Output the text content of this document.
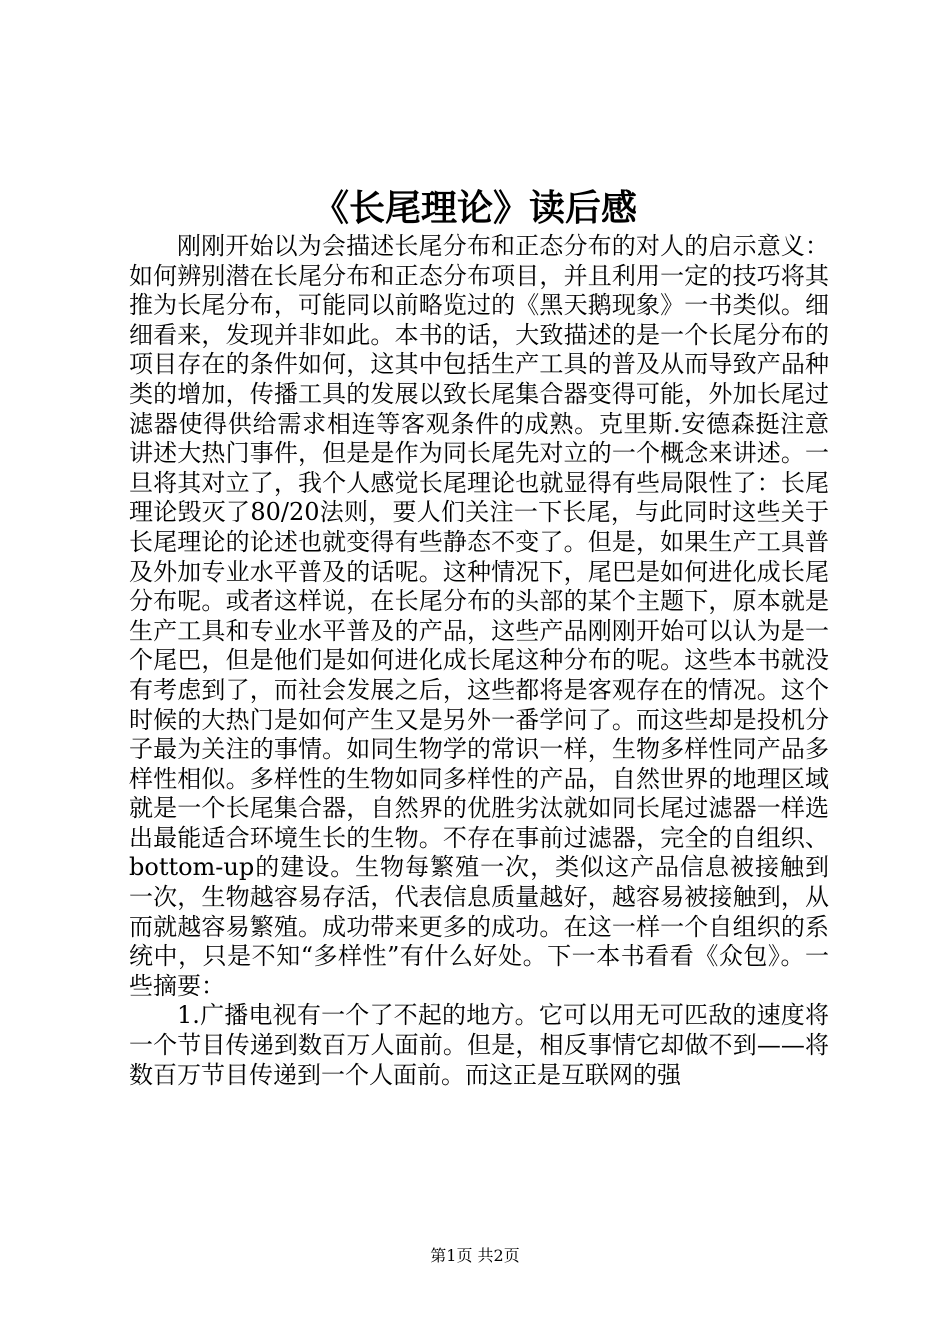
《长尾理论》读后感

刚刚开始以为会描述长尾分布和正态分布的对人的启示意义：如何辨别潜在长尾分布和正态分布项目，并且利用一定的技巧将其推为长尾分布，可能同以前略览过的《黑天鹅现象》一书类似。细细看来，发现并非如此。本书的话，大致描述的是一个长尾分布的项目存在的条件如何，这其中包括生产工具的普及从而导致产品种类的增加，传播工具的发展以致长尾集合器变得可能，外加长尾过滤器使得供给需求相连等客观条件的成熟。克里斯.安德森挺注意讲述大热门事件，但是是作为同长尾先对立的一个概念来讲述。一旦将其对立了，我个人感觉长尾理论也就显得有些局限性了：长尾理论毁灭了80/20法则，要人们关注一下长尾，与此同时这些关于长尾理论的论述也就变得有些静态不变了。但是，如果生产工具普及外加专业水平普及的话呢。这种情况下，尾巴是如何进化成长尾分布呢。或者这样说，在长尾分布的头部的某个主题下，原本就是生产工具和专业水平普及的产品，这些产品刚刚开始可以认为是一个尾巴，但是他们是如何进化成长尾这种分布的呢。这些本书就没有考虑到了，而社会发展之后，这些都将是客观存在的情况。这个时候的大热门是如何产生又是另外一番学问了。而这些却是投机分子最为关注的事情。如同生物学的常识一样，生物多样性同产品多样性相似。多样性的生物如同多样性的产品，自然世界的地理区域就是一个长尾集合器，自然界的优胜劣汰就如同长尾过滤器一样选出最能适合环境生长的生物。不存在事前过滤器，完全的自组织、bottom-up的建设。生物每繁殖一次，类似这产品信息被接触到一次，生物越容易存活，代表信息质量越好，越容易被接触到，从而就越容易繁殖。成功带来更多的成功。在这一样一个自组织的系统中，只是不知“多样性”有什么好处。下一本书看看《众包》。一些摘要：

1.广播电视有一个了不起的地方。它可以用无可匹敌的速度将一个节目传递到数百万人面前。但是，相反事情它却做不到——将数百万节目传递到一个人面前。而这正是互联网的强

第1页 共2页
